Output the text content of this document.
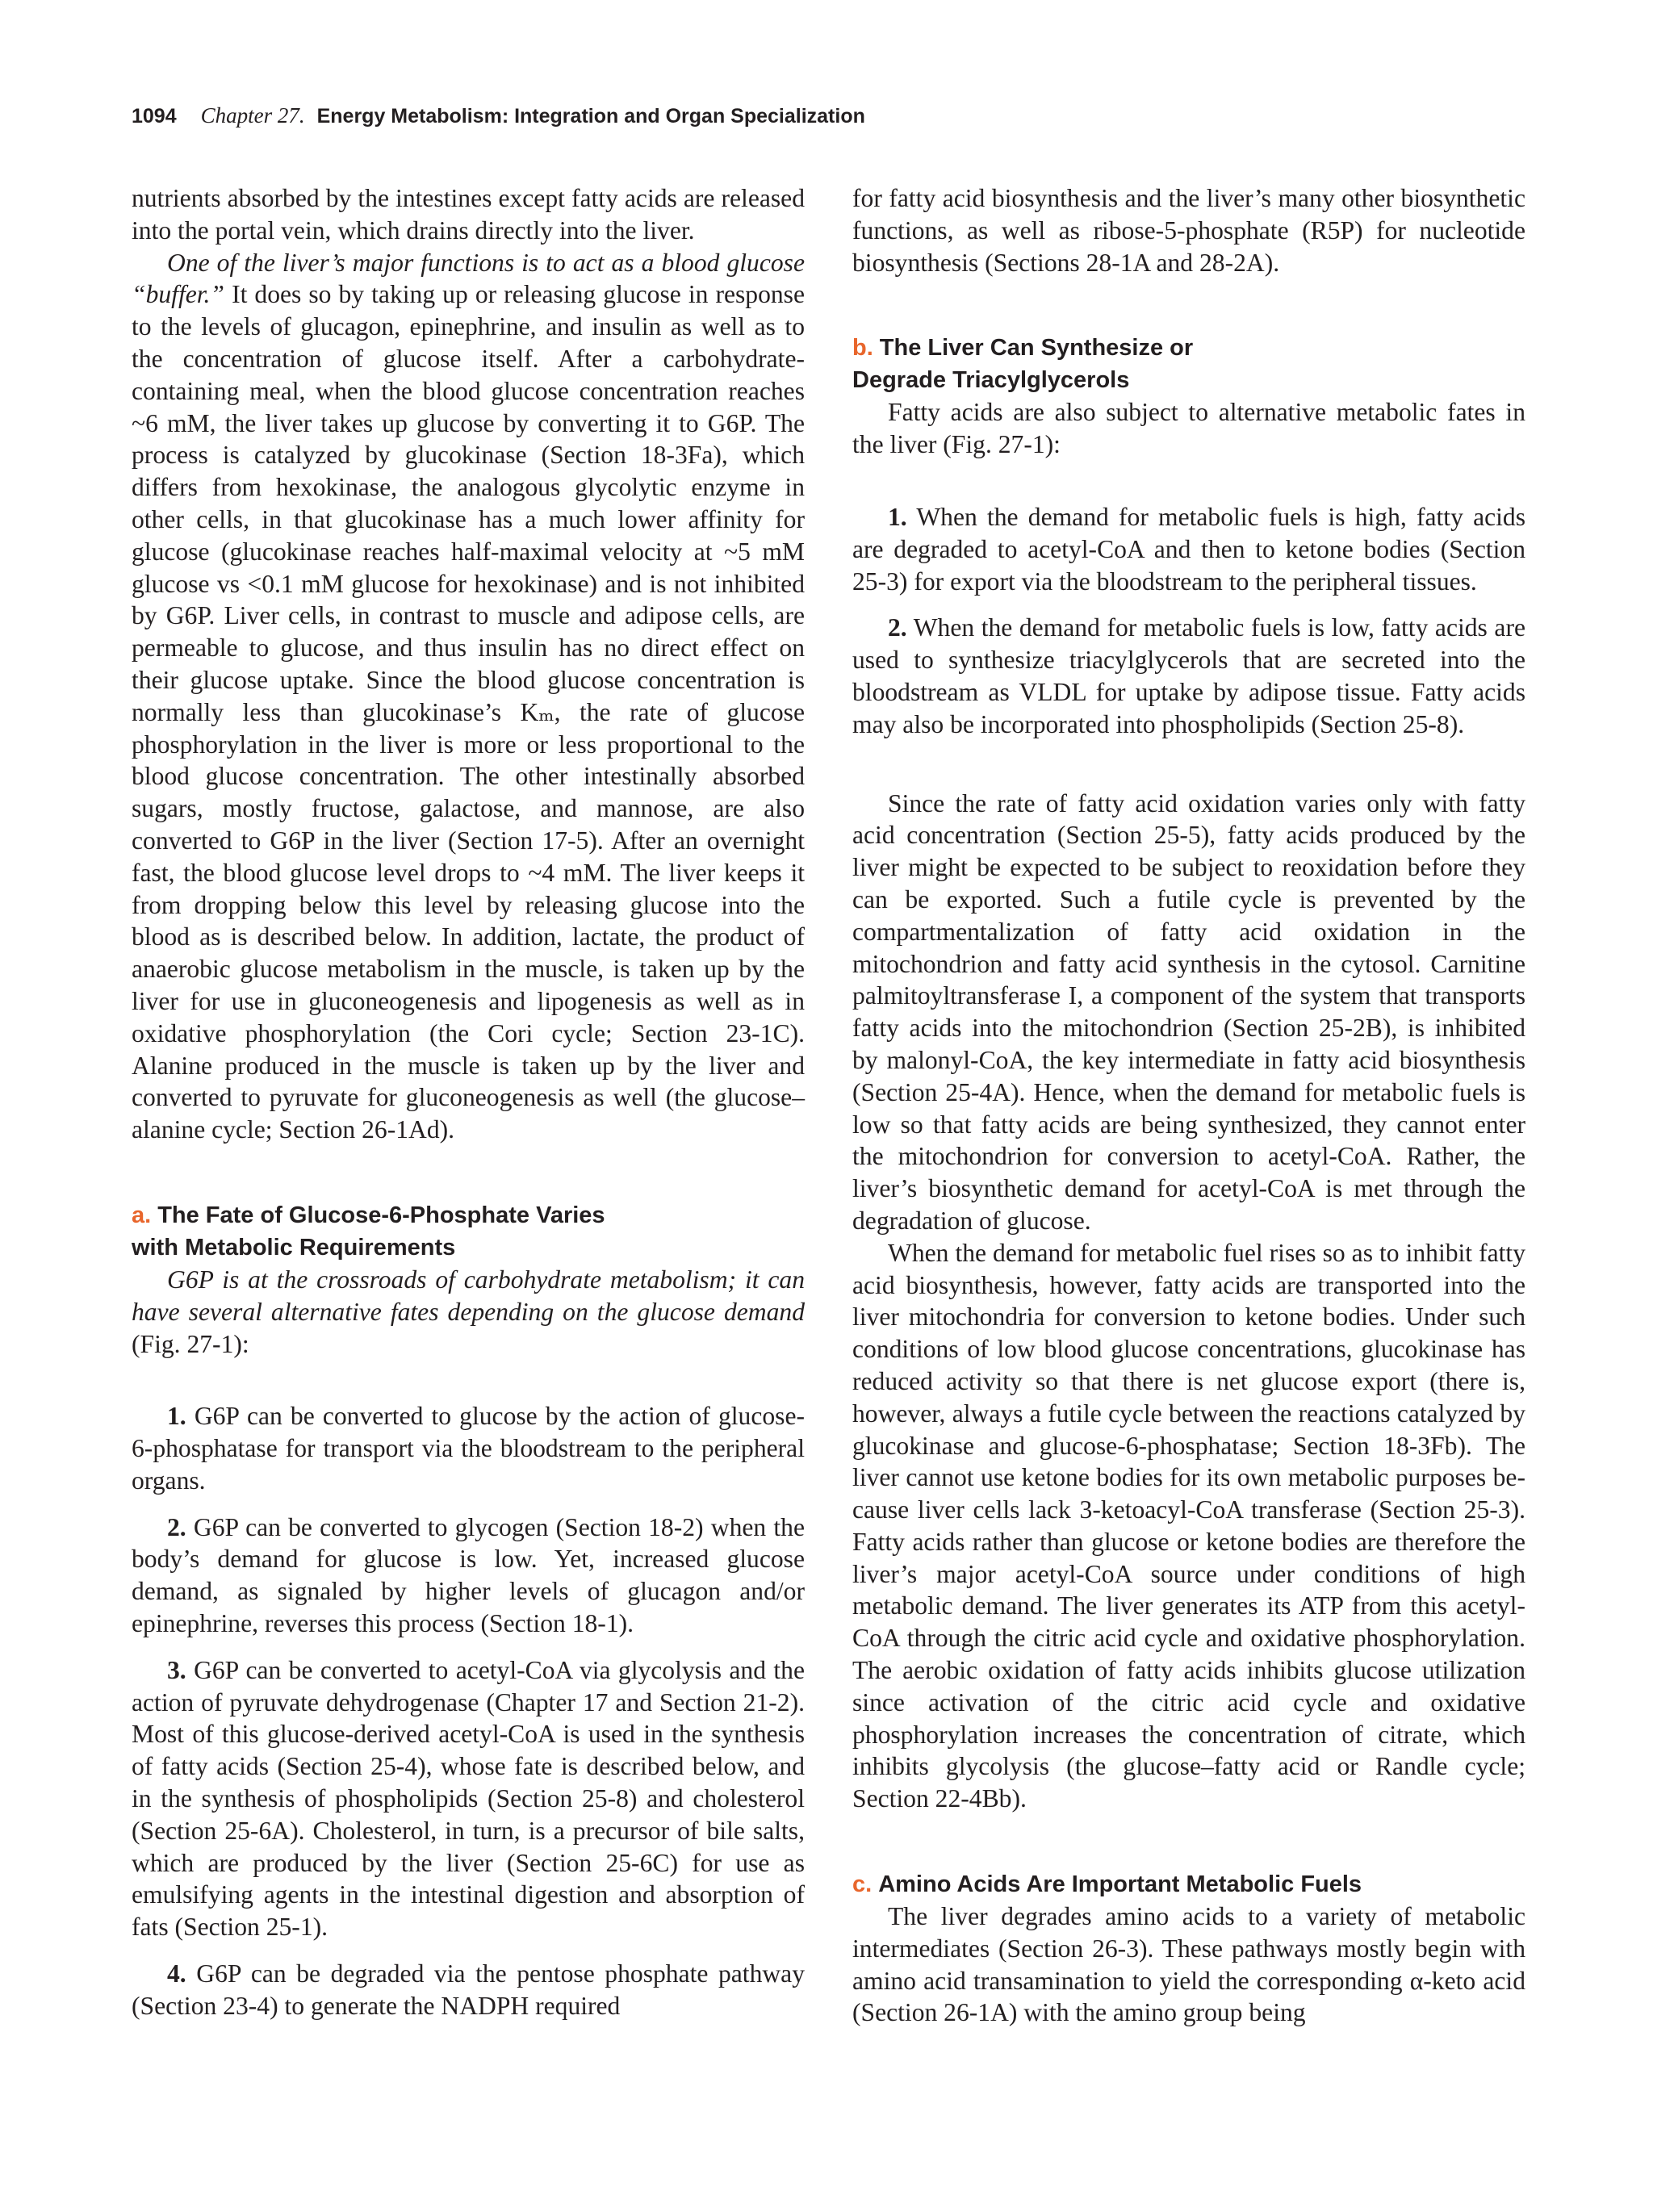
1094 Chapter 27. Energy Metabolism: Integration and Organ Specialization

nutrients absorbed by the intestines except fatty acids are released into the portal vein, which drains directly into the liver.

One of the liver’s major functions is to act as a blood glucose “buffer.” It does so by taking up or releasing glucose in response to the levels of glucagon, epinephrine, and insulin as well as to the concentration of glucose itself. After a carbohydrate-containing meal, when the blood glucose concentration reaches ~6 mM, the liver takes up glucose by converting it to G6P. The process is catalyzed by glucokinase (Section 18-3Fa), which differs from hexokinase, the analogous glycolytic enzyme in other cells, in that glucokinase has a much lower affinity for glucose (glucokinase reaches half-maximal velocity at ~5 mM glucose vs <0.1 mM glucose for hexokinase) and is not inhibited by G6P. Liver cells, in contrast to muscle and adipose cells, are permeable to glucose, and thus insulin has no direct effect on their glucose uptake. Since the blood glucose concentration is normally less than glucokinase’s Kₘ, the rate of glucose phosphorylation in the liver is more or less proportional to the blood glucose concentration. The other intestinally absorbed sugars, mostly fructose, galactose, and mannose, are also converted to G6P in the liver (Section 17-5). After an overnight fast, the blood glucose level drops to ~4 mM. The liver keeps it from dropping below this level by releasing glucose into the blood as is described below. In addition, lactate, the product of anaerobic glucose metabolism in the muscle, is taken up by the liver for use in gluconeogenesis and lipogenesis as well as in oxidative phosphorylation (the Cori cycle; Section 23-1C). Alanine produced in the muscle is taken up by the liver and converted to pyruvate for gluconeogenesis as well (the glucose–alanine cycle; Section 26-1Ad).

a. The Fate of Glucose-6-Phosphate Varies

with Metabolic Requirements

G6P is at the crossroads of carbohydrate metabolism; it can have several alternative fates depending on the glucose demand (Fig. 27-1):

1. G6P can be converted to glucose by the action of glucose-6-phosphatase for transport via the bloodstream to the peripheral organs.

2. G6P can be converted to glycogen (Section 18-2) when the body’s demand for glucose is low. Yet, increased glucose demand, as signaled by higher levels of glucagon and/or epinephrine, reverses this process (Section 18-1).

3. G6P can be converted to acetyl-CoA via glycolysis and the action of pyruvate dehydrogenase (Chapter 17 and Section 21-2). Most of this glucose-derived acetyl-CoA is used in the synthesis of fatty acids (Section 25-4), whose fate is described below, and in the synthesis of phospholipids (Section 25-8) and cholesterol (Section 25-6A). Cholesterol, in turn, is a precursor of bile salts, which are produced by the liver (Section 25-6C) for use as emulsifying agents in the intestinal digestion and absorption of fats (Section 25-1).

4. G6P can be degraded via the pentose phosphate pathway (Section 23-4) to generate the NADPH required

for fatty acid biosynthesis and the liver’s many other biosynthetic functions, as well as ribose-5-phosphate (R5P) for nucleotide biosynthesis (Sections 28-1A and 28-2A).

b. The Liver Can Synthesize or

Degrade Triacylglycerols

Fatty acids are also subject to alternative metabolic fates in the liver (Fig. 27-1):

1. When the demand for metabolic fuels is high, fatty acids are degraded to acetyl-CoA and then to ketone bodies (Section 25-3) for export via the bloodstream to the peripheral tissues.

2. When the demand for metabolic fuels is low, fatty acids are used to synthesize triacylglycerols that are secreted into the bloodstream as VLDL for uptake by adipose tissue. Fatty acids may also be incorporated into phospholipids (Section 25-8).

Since the rate of fatty acid oxidation varies only with fatty acid concentration (Section 25-5), fatty acids produced by the liver might be expected to be subject to reoxidation before they can be exported. Such a futile cycle is prevented by the compartmentalization of fatty acid oxidation in the mitochondrion and fatty acid synthesis in the cytosol. Carnitine palmitoyltransferase I, a component of the system that transports fatty acids into the mitochondrion (Section 25-2B), is inhibited by malonyl-CoA, the key intermediate in fatty acid biosynthesis (Section 25-4A). Hence, when the demand for metabolic fuels is low so that fatty acids are being synthesized, they cannot enter the mitochondrion for conversion to acetyl-CoA. Rather, the liver’s biosynthetic demand for acetyl-CoA is met through the degradation of glucose.

When the demand for metabolic fuel rises so as to inhibit fatty acid biosynthesis, however, fatty acids are transported into the liver mitochondria for conversion to ketone bodies. Under such conditions of low blood glucose concentrations, glucokinase has reduced activity so that there is net glucose export (there is, however, always a futile cycle between the reactions catalyzed by glucokinase and glucose-6-phosphatase; Section 18-3Fb). The liver cannot use ketone bodies for its own metabolic purposes because liver cells lack 3-ketoacyl-CoA transferase (Section 25-3). Fatty acids rather than glucose or ketone bodies are therefore the liver’s major acetyl-CoA source under conditions of high metabolic demand. The liver generates its ATP from this acetyl-CoA through the citric acid cycle and oxidative phosphorylation. The aerobic oxidation of fatty acids inhibits glucose utilization since activation of the citric acid cycle and oxidative phosphorylation increases the concentration of citrate, which inhibits glycolysis (the glucose–fatty acid or Randle cycle; Section 22-4Bb).

c. Amino Acids Are Important Metabolic Fuels

The liver degrades amino acids to a variety of metabolic intermediates (Section 26-3). These pathways mostly begin with amino acid transamination to yield the corresponding α-keto acid (Section 26-1A) with the amino group being
